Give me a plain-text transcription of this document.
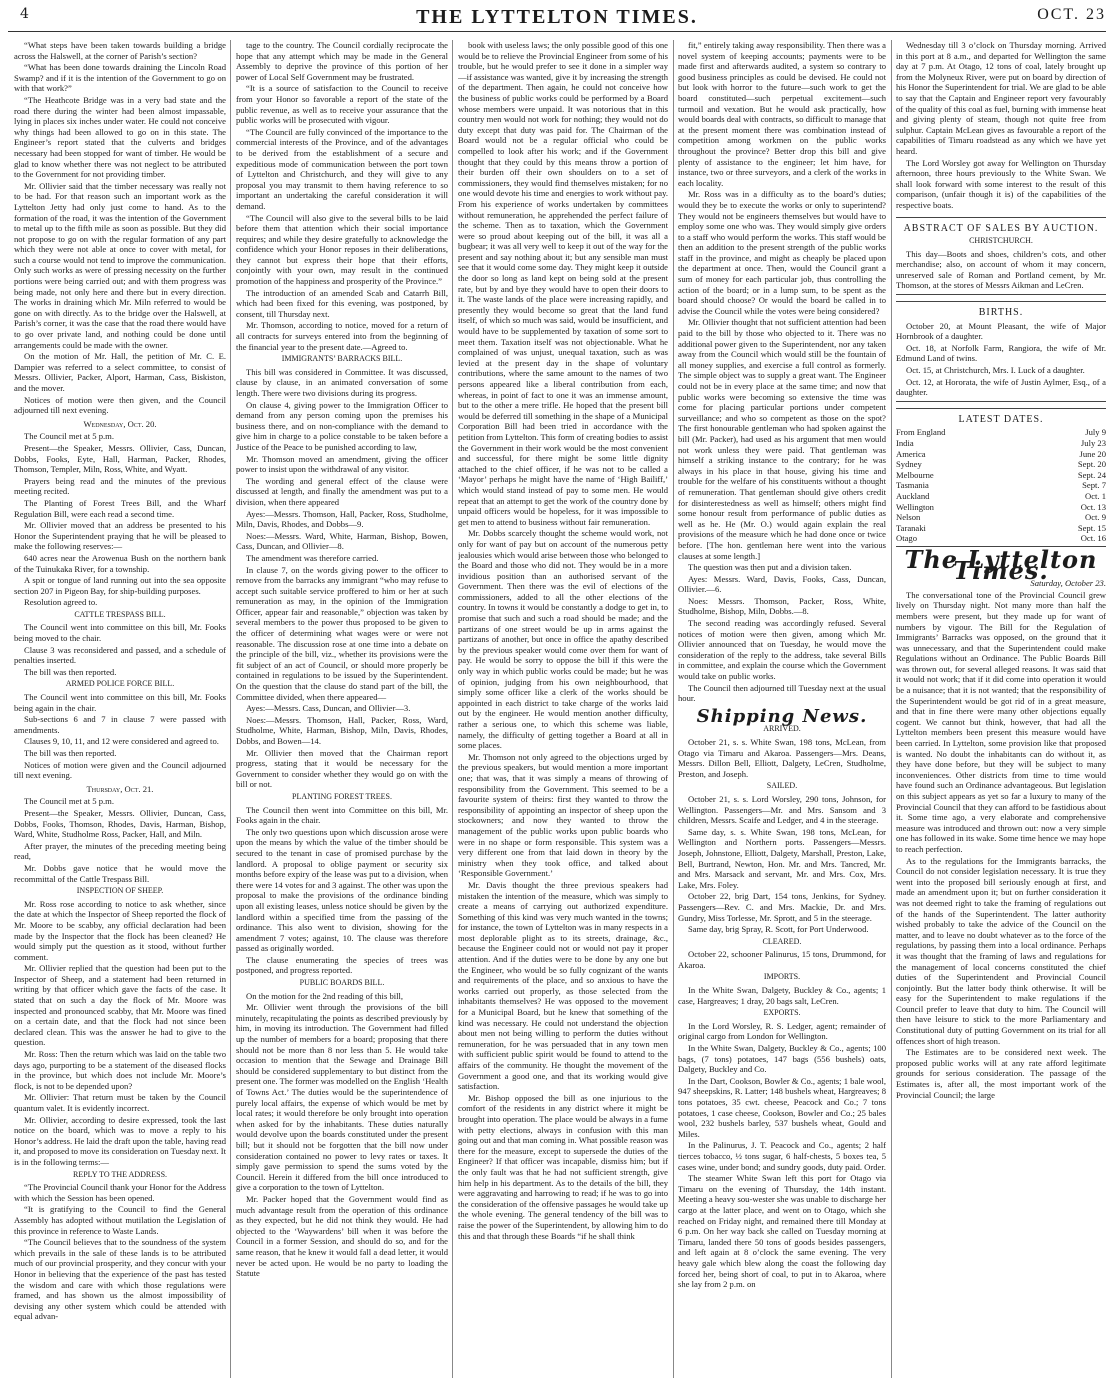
4	THE LYTTELTON TIMES.	OCT. 23

“What steps have been taken towards building a bridge across the Halswell, at the corner of Parish’s section?

“What has been done towards draining the Lincoln Road Swamp? and if it is the intention of the Government to go on with that work?”

“The Heathcote Bridge was in a very bad state and the road there during the winter had been almost impassable, lying in places six inches under water. He could not conceive why things had been allowed to go on in this state. The Engineer’s report stated that the culverts and bridges necessary had been stopped for want of timber. He would be glad to know whether there was not neglect to be attributed to the Government for not providing timber.

Mr. Ollivier said that the timber necessary was really not to be had. For that reason such an important work as the Lyttelton Jetty had only just come to hand. As to the formation of the road, it was the intention of the Government to metal up to the fifth mile as soon as possible. But they did not propose to go on with the regular formation of any part which they were not able at once to cover with metal, for such a course would not tend to improve the communication. Only such works as were of pressing necessity on the further portions were being carried out; and with them progress was being made, not only here and there but in every direction. The works in draining which Mr. Miln referred to would be gone on with directly. As to the bridge over the Halswell, at Parish’s corner, it was the case that the road there would have to go over private land, and nothing could be done until arrangements could be made with the owner.

On the motion of Mr. Hall, the petition of Mr. C. E. Dampier was referred to a select committee, to consist of Messrs. Ollivier, Packer, Alport, Harman, Cass, Biskiston, and the mover.

Notices of motion were then given, and the Council adjourned till next evening.

Wednesday, Oct. 20.

The Council met at 5 p.m.

Present—the Speaker, Messrs. Ollivier, Cass, Duncan, Dobbs, Fooks, Eyte, Hall, Harman, Packer, Rhodes, Thomson, Templer, Miln, Ross, White, and Wyatt.

Prayers being read and the minutes of the previous meeting recited.

The Planting of Forest Trees Bill, and the Wharf Regulation Bill, were each read a second time.

Mr. Ollivier moved that an address be presented to his Honor the Superintendent praying that he will be pleased to make the following reserves:—

640 acres near the Arowenua Bush on the northern bank of the Tuinukaka River, for a township.

A spit or tongue of land running out into the sea opposite section 207 in Pigeon Bay, for ship-building purposes.

Resolution agreed to.

CATTLE TRESPASS BILL.

The Council went into committee on this bill, Mr. Fooks being moved to the chair.

Clause 3 was reconsidered and passed, and a schedule of penalties inserted.

The bill was then reported.

ARMED POLICE FORCE BILL.

The Council went into committee on this bill, Mr. Fooks being again in the chair.

Sub-sections 6 and 7 in clause 7 were passed with amendments.

Clauses 9, 10, 11, and 12 were considered and agreed to.

The bill was then reported.

Notices of motion were given and the Council adjourned till next evening.

Thursday, Oct. 21.

The Council met at 5 p.m.

Present—the Speaker, Messrs. Ollivier, Duncan, Cass, Dobbs, Fooks, Thomson, Rhodes, Davis, Harman, Bishop, Ward, White, Studholme Ross, Packer, Hall, and Miln.

After prayer, the minutes of the preceding meeting being read,

Mr. Dobbs gave notice that he would move the recommittal of the Cattle Trespass Bill.

INSPECTION OF SHEEP.

Mr. Ross rose according to notice to ask whether, since the date at which the Inspector of Sheep reported the flock of Mr. Moore to be scabby, any official declaration had been made by the Inspector that the flock has been cleaned? He would simply put the question as it stood, without further comment.

Mr. Ollivier replied that the question had been put to the Inspector of Sheep, and a statement had been returned in writing by that officer which gave the facts of the case. It stated that on such a day the flock of Mr. Moore was inspected and pronounced scabby, that Mr. Moore was fined on a certain date, and that the flock had not since been declared clean. This was the answer he had to give to the question.

Mr. Ross: Then the return which was laid on the table two days ago, purporting to be a statement of the diseased flocks in the province, but which does not include Mr. Moore’s flock, is not to be depended upon?

Mr. Ollivier: That return must be taken by the Council quantum valet. It is evidently incorrect.

Mr. Ollivier, according to desire expressed, took the last notice on the board, which was to move a reply to his Honor’s address. He laid the draft upon the table, having read it, and proposed to move its consideration on Tuesday next. It is in the following terms:—

REPLY TO THE ADDRESS.

“The Provincial Council thank your Honor for the Address with which the Session has been opened.

“It is gratifying to the Council to find the General Assembly has adopted without mutilation the Legislation of this province in reference to Waste Lands.

“The Council believes that to the soundness of the system which prevails in the sale of these lands is to be attributed much of our provincial prosperity, and they concur with your Honor in believing that the experience of the past has tested the wisdom and care with which those regulations were framed, and has shown us the almost impossibility of devising any other system which could be attended with equal advan-

tage to the country. The Council cordially reciprocate the hope that any attempt which may be made in the General Assembly to deprive the province of this portion of her power of Local Self Government may be frustrated.

“It is a source of satisfaction to the Council to receive from your Honor so favorable a report of the state of the public revenue, as well as to receive your assurance that the public works will be prosecuted with vigour.

“The Council are fully convinced of the importance to the commercial interests of the Province, and of the advantages to be derived from the establishment of a secure and expeditious mode of communication between the port town of Lyttelton and Christchurch, and they will give to any proposal you may transmit to them having reference to so important an undertaking the careful consideration it will demand.

“The Council will also give to the several bills to be laid before them that attention which their social importance requires; and while they desire gratefully to acknowledge the confidence which your Honor reposes in their deliberations, they cannot but express their hope that their efforts, conjointly with your own, may result in the continued promotion of the happiness and prosperity of the Province.”

The introduction of an amended Scab and Catarrh Bill, which had been fixed for this evening, was postponed, by consent, till Thursday next.

Mr. Thomson, according to notice, moved for a return of all contracts for surveys entered into from the beginning of the financial year to the present date.—Agreed to.

IMMIGRANTS’ BARRACKS BILL.

This bill was considered in Committee. It was discussed, clause by clause, in an animated conversation of some length. There were two divisions during its progress.

On clause 4, giving power to the Immigration Officer to demand from any person coming upon the premises his business there, and on non-compliance with the demand to give him in charge to a police constable to be taken before a Justice of the Peace to be punished according to law,

Mr. Thomson moved an amendment, giving the officer power to insist upon the withdrawal of any visitor.

The wording and general effect of the clause were discussed at length, and finally the amendment was put to a division, when there appeared

Ayes:—Messrs. Thomson, Hall, Packer, Ross, Studholme, Miln, Davis, Rhodes, and Dobbs—9.

Noes:—Messrs. Ward, White, Harman, Bishop, Bowen, Cass, Duncan, and Ollivier—8.

The amendment was therefore carried.

In clause 7, on the words giving power to the officer to remove from the barracks any immigrant “who may refuse to accept such suitable service proffered to him or her at such remuneration as may, in the opinion of the Immigration Officer, appear fair and reasonable,” objection was taken by several members to the power thus proposed to be given to the officer of determining what wages were or were not reasonable. The discussion rose at one time into a debate on the principle of the bill, viz., whether its provisions were the fit subject of an act of Council, or should more properly be contained in regulations to be issued by the Superintendent. On the question that the clause do stand part of the bill, the Committee divided, when there appeared—

Ayes:—Messrs. Cass, Duncan, and Ollivier—3.

Noes:—Messrs. Thomson, Hall, Packer, Ross, Ward, Studholme, White, Harman, Bishop, Miln, Davis, Rhodes, Dobbs, and Bowen—14.

Mr. Ollivier then moved that the Chairman report progress, stating that it would be necessary for the Government to consider whether they would go on with the bill or not.

PLANTING FOREST TREES.

The Council then went into Committee on this bill, Mr. Fooks again in the chair.

The only two questions upon which discussion arose were upon the means by which the value of the timber should be secured to the tenant in case of promised purchase by the landlord. A proposal to oblige payment or security six months before expiry of the lease was put to a division, when there were 14 votes for and 3 against. The other was upon the proposal to make the provisions of the ordinance binding upon all existing leases, unless notice should be given by the landlord within a specified time from the passing of the ordinance. This also went to division, showing for the amendment 7 votes; against, 10. The clause was therefore passed as originally worded.

The clause enumerating the species of trees was postponed, and progress reported.

PUBLIC BOARDS BILL.

On the motion for the 2nd reading of this bill,

Mr. Ollivier went through the provisions of the bill minutely, recapitulating the points as described previously by him, in moving its introduction. The Government had filled up the number of members for a board; proposing that there should not be more than 8 nor less than 5. He would take occasion to mention that the Sewage and Drainage Bill should be considered supplementary to but distinct from the present one. The former was modelled on the English ‘Health of Towns Act.’ The duties would be the superintendence of purely local affairs, the expense of which would be met by local rates; it would therefore be only brought into operation when asked for by the inhabitants. These duties naturally would devolve upon the boards constituted under the present bill; but it should not be forgotten that the bill now under consideration contained no power to levy rates or taxes. It simply gave permission to spend the sums voted by the Council. Herein it differed from the bill once introduced to give a corporation to the town of Lyttelton.

Mr. Packer hoped that the Government would find as much advantage result from the operation of this ordinance as they expected, but he did not think they would. He had objected to the ‘Waywardens’ bill when it was before the Council in a former Session, and should do so, and for the same reason, that he knew it would fall a dead letter, it would never be acted upon. He would be no party to loading the Statute

book with useless laws; the only possible good of this one would be to relieve the Provincial Engineer from some of his trouble, but he would prefer to see it done in a simpler way—if assistance was wanted, give it by increasing the strength of the department. Then again, he could not conceive how the business of public works could be performed by a Board whose members were unpaid. It was notorious that in this country men would not work for nothing; they would not do duty except that duty was paid for. The Chairman of the Board would not be a regular official who could be compelled to look after his work; and if the Government thought that they could by this means throw a portion of their burden off their own shoulders on to a set of commissioners, they would find themselves mistaken; for no one would devote his time and energies to work without pay. From his experience of works undertaken by committees without remuneration, he apprehended the perfect failure of the scheme. Then as to taxation, which the Government were so proud about keeping out of the bill, it was all a bugbear; it was all very well to keep it out of the way for the present and say nothing about it; but any sensible man must see that it would come some day. They might keep it outside the door so long as land kept on being sold at the present rate, but by and bye they would have to open their doors to it. The waste lands of the place were increasing rapidly, and presently they would become so great that the land fund itself, of which so much was said, would be insufficient, and would have to be supplemented by taxation of some sort to meet them. Taxation itself was not objectionable. What he complained of was unjust, unequal taxation, such as was levied at the present day in the shape of voluntary contributions, where the same amount to the names of two persons appeared like a liberal contribution from each, whereas, in point of fact to one it was an immense amount, but to the other a mere trifle. He hoped that the present bill would be deferred till something in the shape of a Municipal Corporation Bill had been tried in accordance with the petition from Lyttelton. This form of creating bodies to assist the Government in their work would be the most convenient and successful, for there might be some little dignity attached to the chief officer, if he was not to be called a ‘Mayor’ perhaps he might have the name of ‘High Bailiff,’ which would stand instead of pay to some men. He would repeat that an attempt to get the work of the country done by unpaid officers would be hopeless, for it was impossible to get men to attend to business without fair remuneration.

Mr. Dobbs scarcely thought the scheme would work, not only for want of pay but on account of the numerous petty jealousies which would arise between those who belonged to the Board and those who did not. They would be in a more invidious position than an authorised servant of the Government. Then there was the evil of elections of the commissioners, added to all the other elections of the country. In towns it would be constantly a dodge to get in, to promise that such and such a road should be made; and the partizans of one street would be up in arms against the partizans of another, but once in office the apathy described by the previous speaker would come over them for want of pay. He would be sorry to oppose the bill if this were the only way in which public works could be made; but he was of opinion, judging from his own neighbourhood, that simply some officer like a clerk of the works should be appointed in each district to take charge of the works laid out by the engineer. He would mention another difficulty, rather a serious one, to which this scheme was liable, namely, the difficulty of getting together a Board at all in some places.

Mr. Thomson not only agreed to the objections urged by the previous speakers, but would mention a more important one; that was, that it was simply a means of throwing of responsibility from the Government. This seemed to be a favourite system of theirs: first they wanted to throw the responsibility of appointing an inspector of sheep upon the stockowners; and now they wanted to throw the management of the public works upon public boards who were in no shape or form responsible. This system was a very different one from that laid down in theory by the ministry when they took office, and talked about ‘Responsible Government.’

Mr. Davis thought the three previous speakers had mistaken the intention of the measure, which was simply to create a means of carrying out authorized expenditure. Something of this kind was very much wanted in the towns; for instance, the town of Lyttelton was in many respects in a most deplorable plight as to its streets, drainage, &c., because the Engineer could not or would not pay it proper attention. And if the duties were to be done by any one but the Engineer, who would be so fully cognizant of the wants and requirements of the place, and so anxious to have the works carried out properly, as those selected from the inhabitants themselves? He was opposed to the movement for a Municipal Board, but he knew that something of the kind was necessary. He could not understand the objection about men not being willing to perform the duties without remuneration, for he was persuaded that in any town men with sufficient public spirit would be found to attend to the affairs of the community. He thought the movement of the Government a good one, and that its working would give satisfaction.

Mr. Bishop opposed the bill as one injurious to the comfort of the residents in any district where it might be brought into operation. The place would be always in a fume with petty elections, always in confusion with this man going out and that man coming in. What possible reason was there for the measure, except to supersede the duties of the Engineer? If that officer was incapable, dismiss him; but if the only fault was that he had not sufficient strength, give him help in his department. As to the details of the bill, they were aggravating and harrowing to read; if he was to go into the consideration of the offensive passages he would take up the whole evening. The general tendency of the bill was to raise the power of the Superintendent, by allowing him to do this and that through these Boards “if he shall think

fit,” entirely taking away responsibility. Then there was a novel system of keeping accounts; payments were to be made first and afterwards audited, a system so contrary to good business principles as could be devised. He could not but look with horror to the future—such work to get the board constituted—such perpetual excitement—such turmoil and vexation. But he would ask practically, how would boards deal with contracts, so difficult to manage that at the present moment there was combination instead of competition among workmen on the public works throughout the province? Better drop this bill and give plenty of assistance to the engineer; let him have, for instance, two or three surveyors, and a clerk of the works in each locality.

Mr. Ross was in a difficulty as to the board’s duties; would they be to execute the works or only to superintend? They would not be engineers themselves but would have to employ some one who was. They would simply give orders to a staff who would perform the works. This staff would be then an addition to the present strength of the public works staff in the province, and might as cheaply be placed upon the department at once. Then, would the Council grant a sum of money for each particular job, thus controlling the action of the board; or in a lump sum, to be spent as the board should choose? Or would the board be called in to advise the Council while the votes were being considered?

Mr. Ollivier thought that not sufficient attention had been paid to the bill by those who objected to it. There was no additional power given to the Superintendent, nor any taken away from the Council which would still be the fountain of all money supplies, and exercise a full control as formerly. The simple object was to supply a great want. The Engineer could not be in every place at the same time; and now that public works were becoming so extensive the time was come for placing particular portions under competent surveillance; and who so competent as those on the spot? The first honourable gentleman who had spoken against the bill (Mr. Packer), had used as his argument that men would not work unless they were paid. That gentleman was himself a striking instance to the contrary; for he was always in his place in that house, giving his time and trouble for the welfare of his constituents without a thought of remuneration. That gentleman should give others credit for disinterestedness as well as himself; others might find some honour result from performance of public duties as well as he. He (Mr. O.) would again explain the real provisions of the measure which he had done once or twice before. [The hon. gentleman here went into the various clauses at some length.]

The question was then put and a division taken.

Ayes: Messrs. Ward, Davis, Fooks, Cass, Duncan, Ollivier.—6.

Noes: Messrs. Thomson, Packer, Ross, White, Studholme, Bishop, Miln, Dobbs.—8.

The second reading was accordingly refused. Several notices of motion were then given, among which Mr. Ollivier announced that on Tuesday, he would move the consideration of the reply to the address, take several Bills in committee, and explain the course which the Government would take on public works.

The Council then adjourned till Tuesday next at the usual hour.

Shipping News.

ARRIVED.

October 21, s. s. White Swan, 198 tons, McLean, from Otago via Timaru and Akaroa. Passengers—Mrs. Deans, Messrs. Dillon Bell, Elliott, Dalgety, LeCren, Studholme, Preston, and Joseph.

SAILED.

October 21, s. s. Lord Worsley, 290 tons, Johnson, for Wellington. Passengers—Mr. and Mrs. Sansom and 3 children, Messrs. Scaife and Ledger, and 4 in the steerage.

Same day, s. s. White Swan, 198 tons, McLean, for Wellington and Northern ports. Passengers—Messrs. Joseph, Johnstone, Elliott, Dalgety, Marshall, Preston, Lake, Bell, Burtrand, Newton, Hon. Mr. and Mrs. Tancred, Mr. and Mrs. Marsack and servant, Mr. and Mrs. Cox, Mrs. Lake, Mrs. Foley.

October 22, brig Dart, 154 tons, Jenkins, for Sydney. Passengers—Rev. C. and Mrs. Mackie, Dr. and Mrs. Gundry, Miss Torlesse, Mr. Sprott, and 5 in the steerage.

Same day, brig Spray, R. Scott, for Port Underwood.

CLEARED.

October 22, schooner Palinurus, 15 tons, Drummond, for Akaroa.

IMPORTS.

In the White Swan, Dalgety, Buckley & Co., agents; 1 case, Hargreaves; 1 dray, 20 bags salt, LeCren.

EXPORTS.

In the Lord Worsley, R. S. Ledger, agent; remainder of original cargo from London for Wellington.

In the White Swan, Dalgety, Buckley & Co., agents; 100 bags, (7 tons) potatoes, 147 bags (556 bushels) oats, Dalgety, Buckley and Co.

In the Dart, Cookson, Bowler & Co., agents; 1 bale wool, 947 sheepskins, R. Latter; 148 bushels wheat, Hargreaves; 8 tons potatoes, 35 cwt. cheese, Peacock and Co.; 7 tons potatoes, 1 case cheese, Cookson, Bowler and Co.; 25 bales wool, 232 bushels barley, 537 bushels wheat, Gould and Miles.

In the Palinurus, J. T. Peacock and Co., agents; 2 half tierces tobacco, ½ tons sugar, 6 half-chests, 5 boxes tea, 5 cases wine, under bond; and sundry goods, duty paid. Order.

The steamer White Swan left this port for Otago via Timaru on the evening of Thursday, the 14th instant. Meeting a heavy sou-wester she was unable to discharge her cargo at the latter place, and went on to Otago, which she reached on Friday night, and remained there till Monday at 6 p.m. On her way back she called on Tuesday morning at Timaru, landed there 50 tons of goods besides passengers, and left again at 8 o’clock the same evening. The very heavy gale which blew along the coast the following day forced her, being short of coal, to put in to Akaroa, where she lay from 2 p.m. on

Wednesday till 3 o’clock on Thursday morning. Arrived in this port at 8 a.m., and departed for Wellington the same day at 7 p.m. At Otago, 12 tons of coal, lately brought up from the Molyneux River, were put on board by direction of his Honor the Superintendent for trial. We are glad to be able to say that the Captain and Engineer report very favourably of the quality of this coal as fuel, burning with immense heat and giving plenty of steam, though not quite free from sulphur. Captain McLean gives as favourable a report of the capabilities of Timaru roadstead as any which we have yet heard.

The Lord Worsley got away for Wellington on Thursday afternoon, three hours previously to the White Swan. We shall look forward with some interest to the result of this comparison, (unfair though it is) of the capabilities of the respective boats.

ABSTRACT OF SALES BY AUCTION.

CHRISTCHURCH.

This day—Boots and shoes, children’s cots, and other merchandise; also, on account of whom it may concern, unreserved sale of Roman and Portland cement, by Mr. Thomson, at the stores of Messrs Aikman and LeCren.

BIRTHS.

October 20, at Mount Pleasant, the wife of Major Hornbrook of a daughter.

Oct. 18, at Norfolk Farm, Rangiora, the wife of Mr. Edmund Land of twins.

Oct. 15, at Christchurch, Mrs. I. Luck of a daughter.

Oct. 12, at Hororata, the wife of Justin Aylmer, Esq., of a daughter.

LATEST DATES.

From England	July 9
India	July 23
America	June 20
Sydney	Sept. 20
Melbourne	Sept. 24
Tasmania	Sept. 7
Auckland	Oct. 1
Wellington	Oct. 13
Nelson	Oct. 9
Taranaki	Sept. 15
Otago	Oct. 16

The Lyttelton Times.

Saturday, October 23.

The conversational tone of the Provincial Council grew lively on Thursday night. Not many more than half the members were present, but they made up for want of numbers by vigour. The Bill for the Regulation of Immigrants’ Barracks was opposed, on the ground that it was unnecessary, and that the Superintendent could make Regulations without an Ordinance. The Public Boards Bill was thrown out, for several alleged reasons. It was said that it would not work; that if it did come into operation it would be a nuisance; that it is not wanted; that the responsibility of the Superintendent would be got rid of in a great measure, and that in fine there were many other objections equally cogent. We cannot but think, however, that had all the Lyttelton members been present this measure would have been carried. In Lyttelton, some provision like that proposed is wanted. No doubt the inhabitants can do without it, as they have done before, but they will be subject to many inconveniences. Other districts from time to time would have found such an Ordinance advantageous. But legislation on this subject appears as yet so far a luxury to many of the Provincial Council that they can afford to be fastidious about it. Some time ago, a very elaborate and comprehensive measure was introduced and thrown out: now a very simple one has followed in its wake. Some time hence we may hope to reach perfection.

As to the regulations for the Immigrants barracks, the Council do not consider legislation necessary. It is true they went into the proposed bill seriously enough at first, and made an amendment upon it; but on further consideration it was not deemed right to take the framing of regulations out of the hands of the Superintendent. The latter authority wished probably to take the advice of the Council on the matter, and to leave no doubt whatever as to the force of the regulations, by passing them into a local ordinance. Perhaps it was thought that the framing of laws and regulations for the management of local concerns constituted the chief duties of the Superintendent and Provincial Council conjointly. But the latter body think otherwise. It will be easy for the Superintendent to make regulations if the Council prefer to leave that duty to him. The Council will then have leisure to stick to the more Parliamentary and Constitutional duty of putting Government on its trial for all offences short of high treason.

The Estimates are to be considered next week. The proposed public works will at any rate afford legitimate grounds for serious consideration. The passage of the Estimates is, after all, the most important work of the Provincial Council; the large
